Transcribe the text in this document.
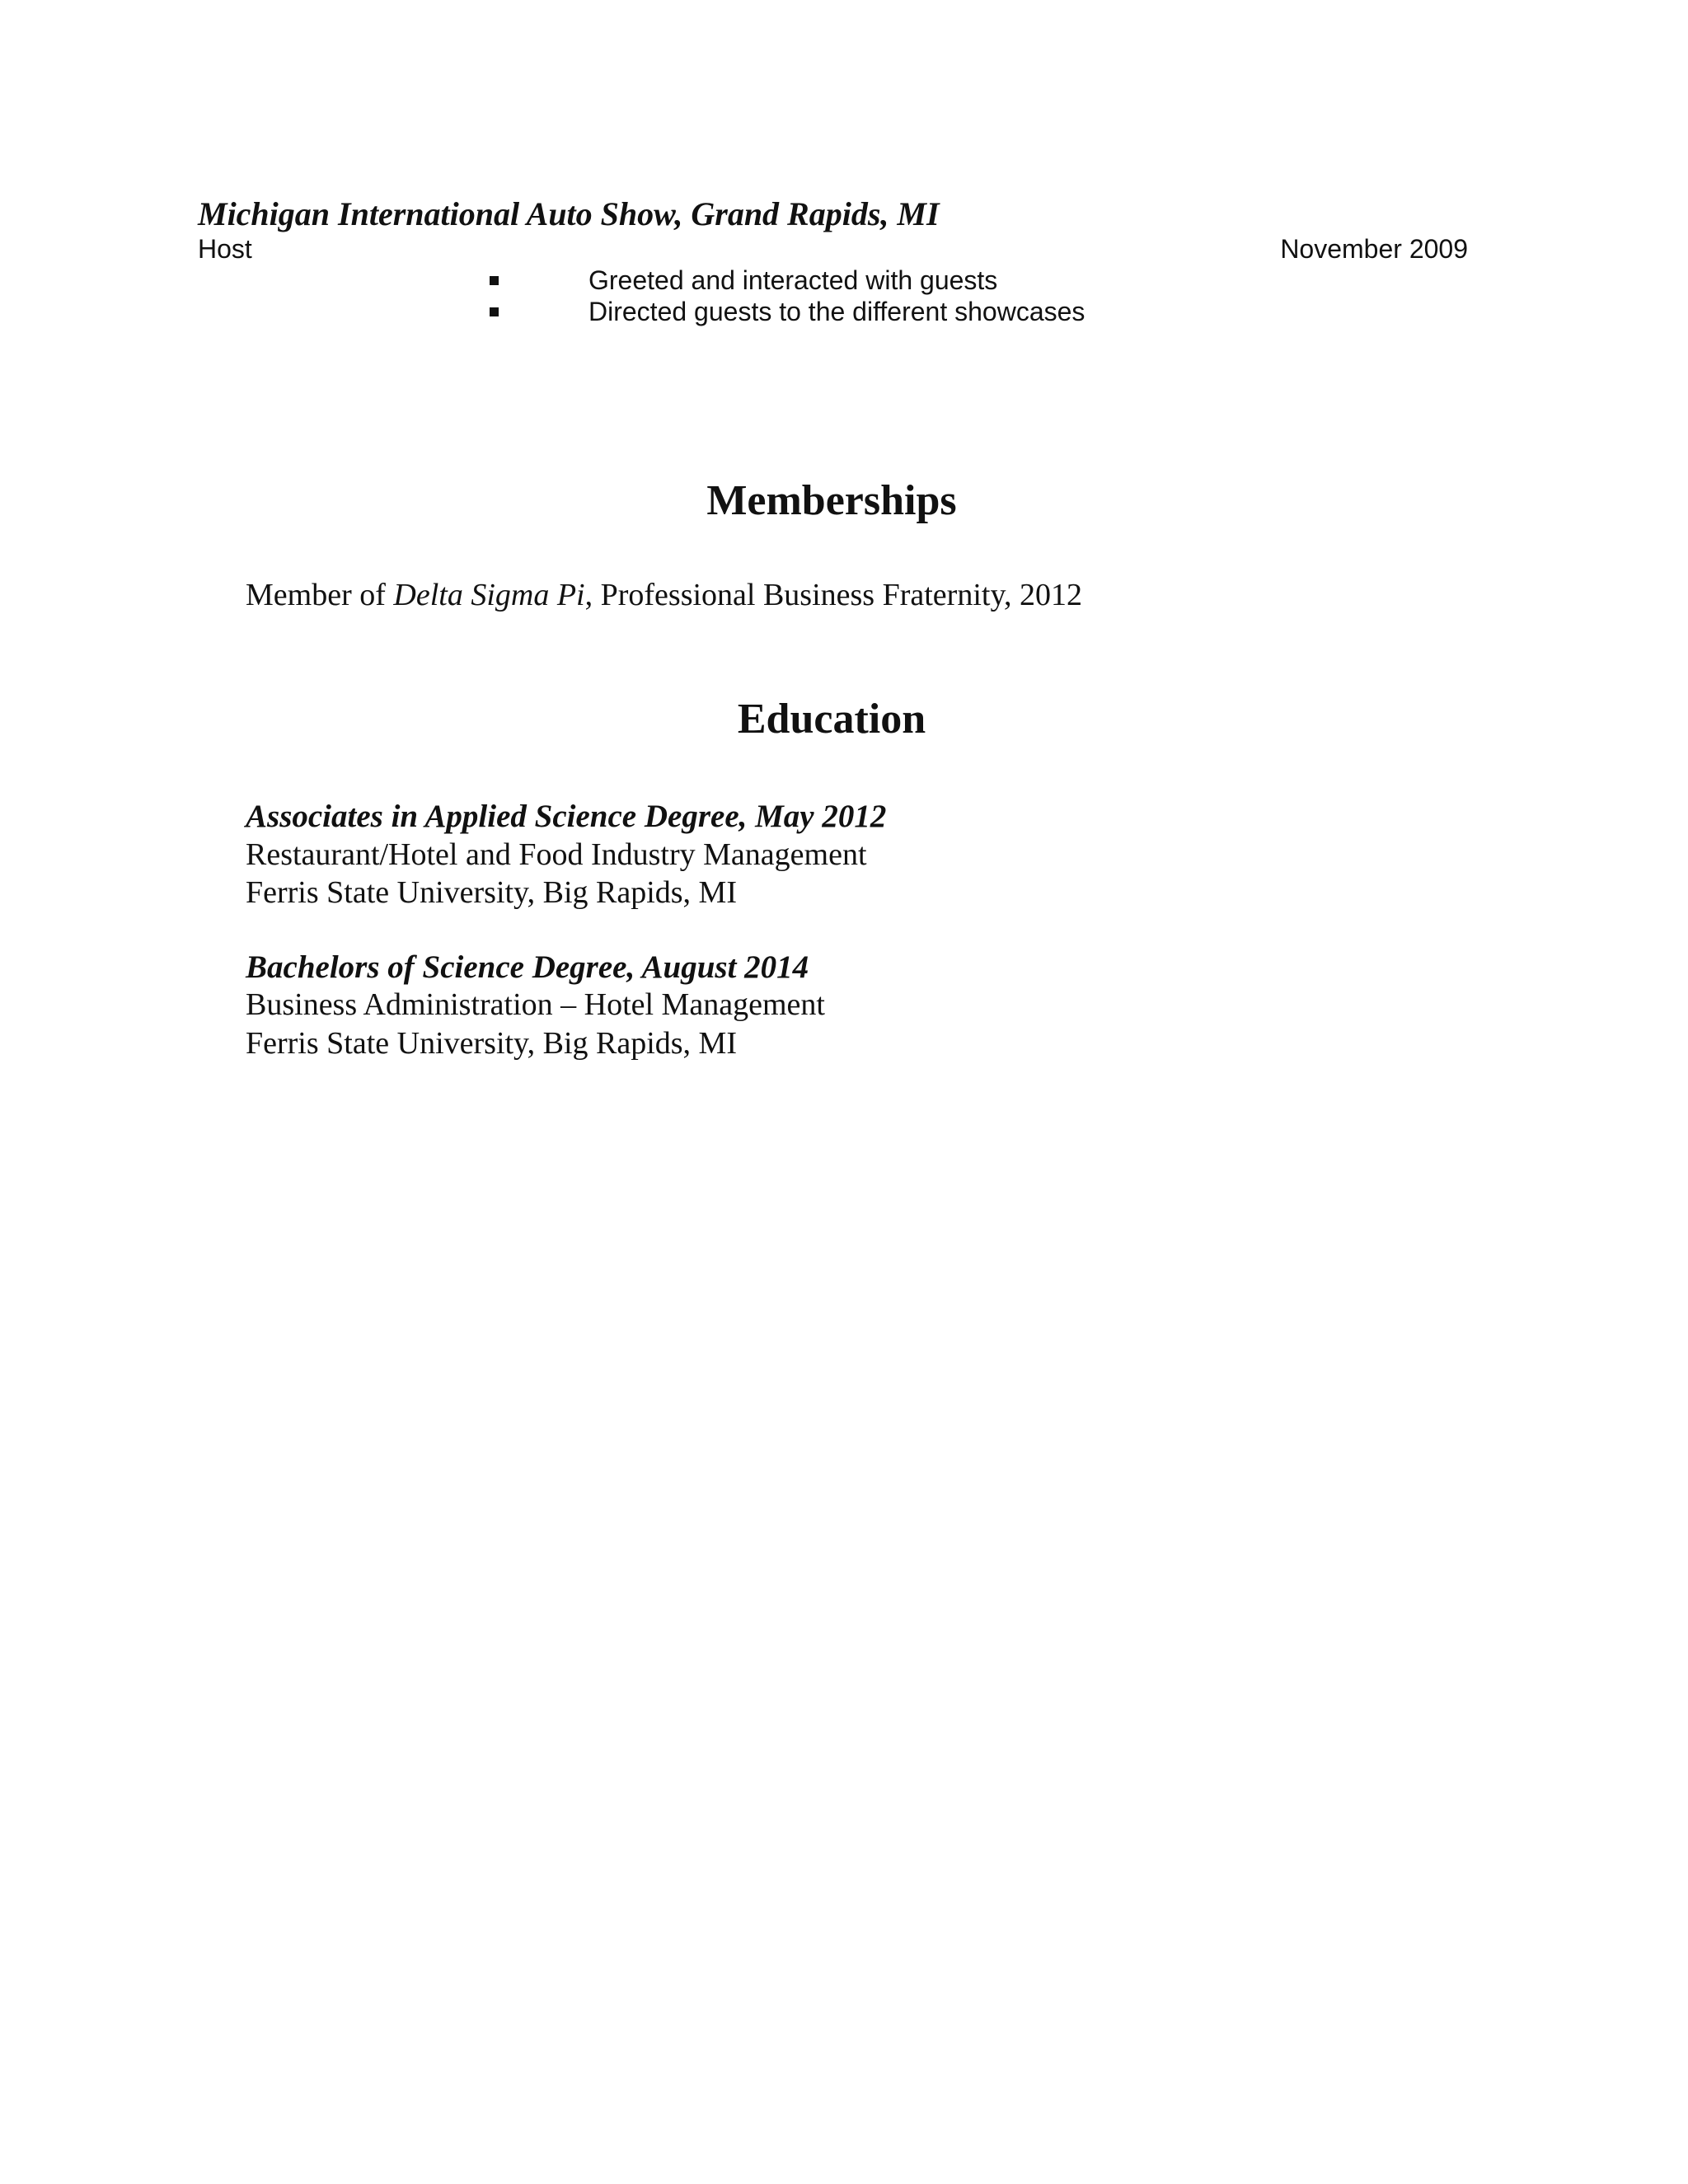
Michigan International Auto Show, Grand Rapids, MI
Host	November 2009
Greeted and interacted with guests
Directed guests to the different showcases
Memberships
Member of Delta Sigma Pi, Professional Business Fraternity, 2012
Education
Associates in Applied Science Degree, May 2012
Restaurant/Hotel and Food Industry Management
Ferris State University, Big Rapids, MI
Bachelors of Science Degree, August 2014
Business Administration – Hotel Management
Ferris State University, Big Rapids, MI
